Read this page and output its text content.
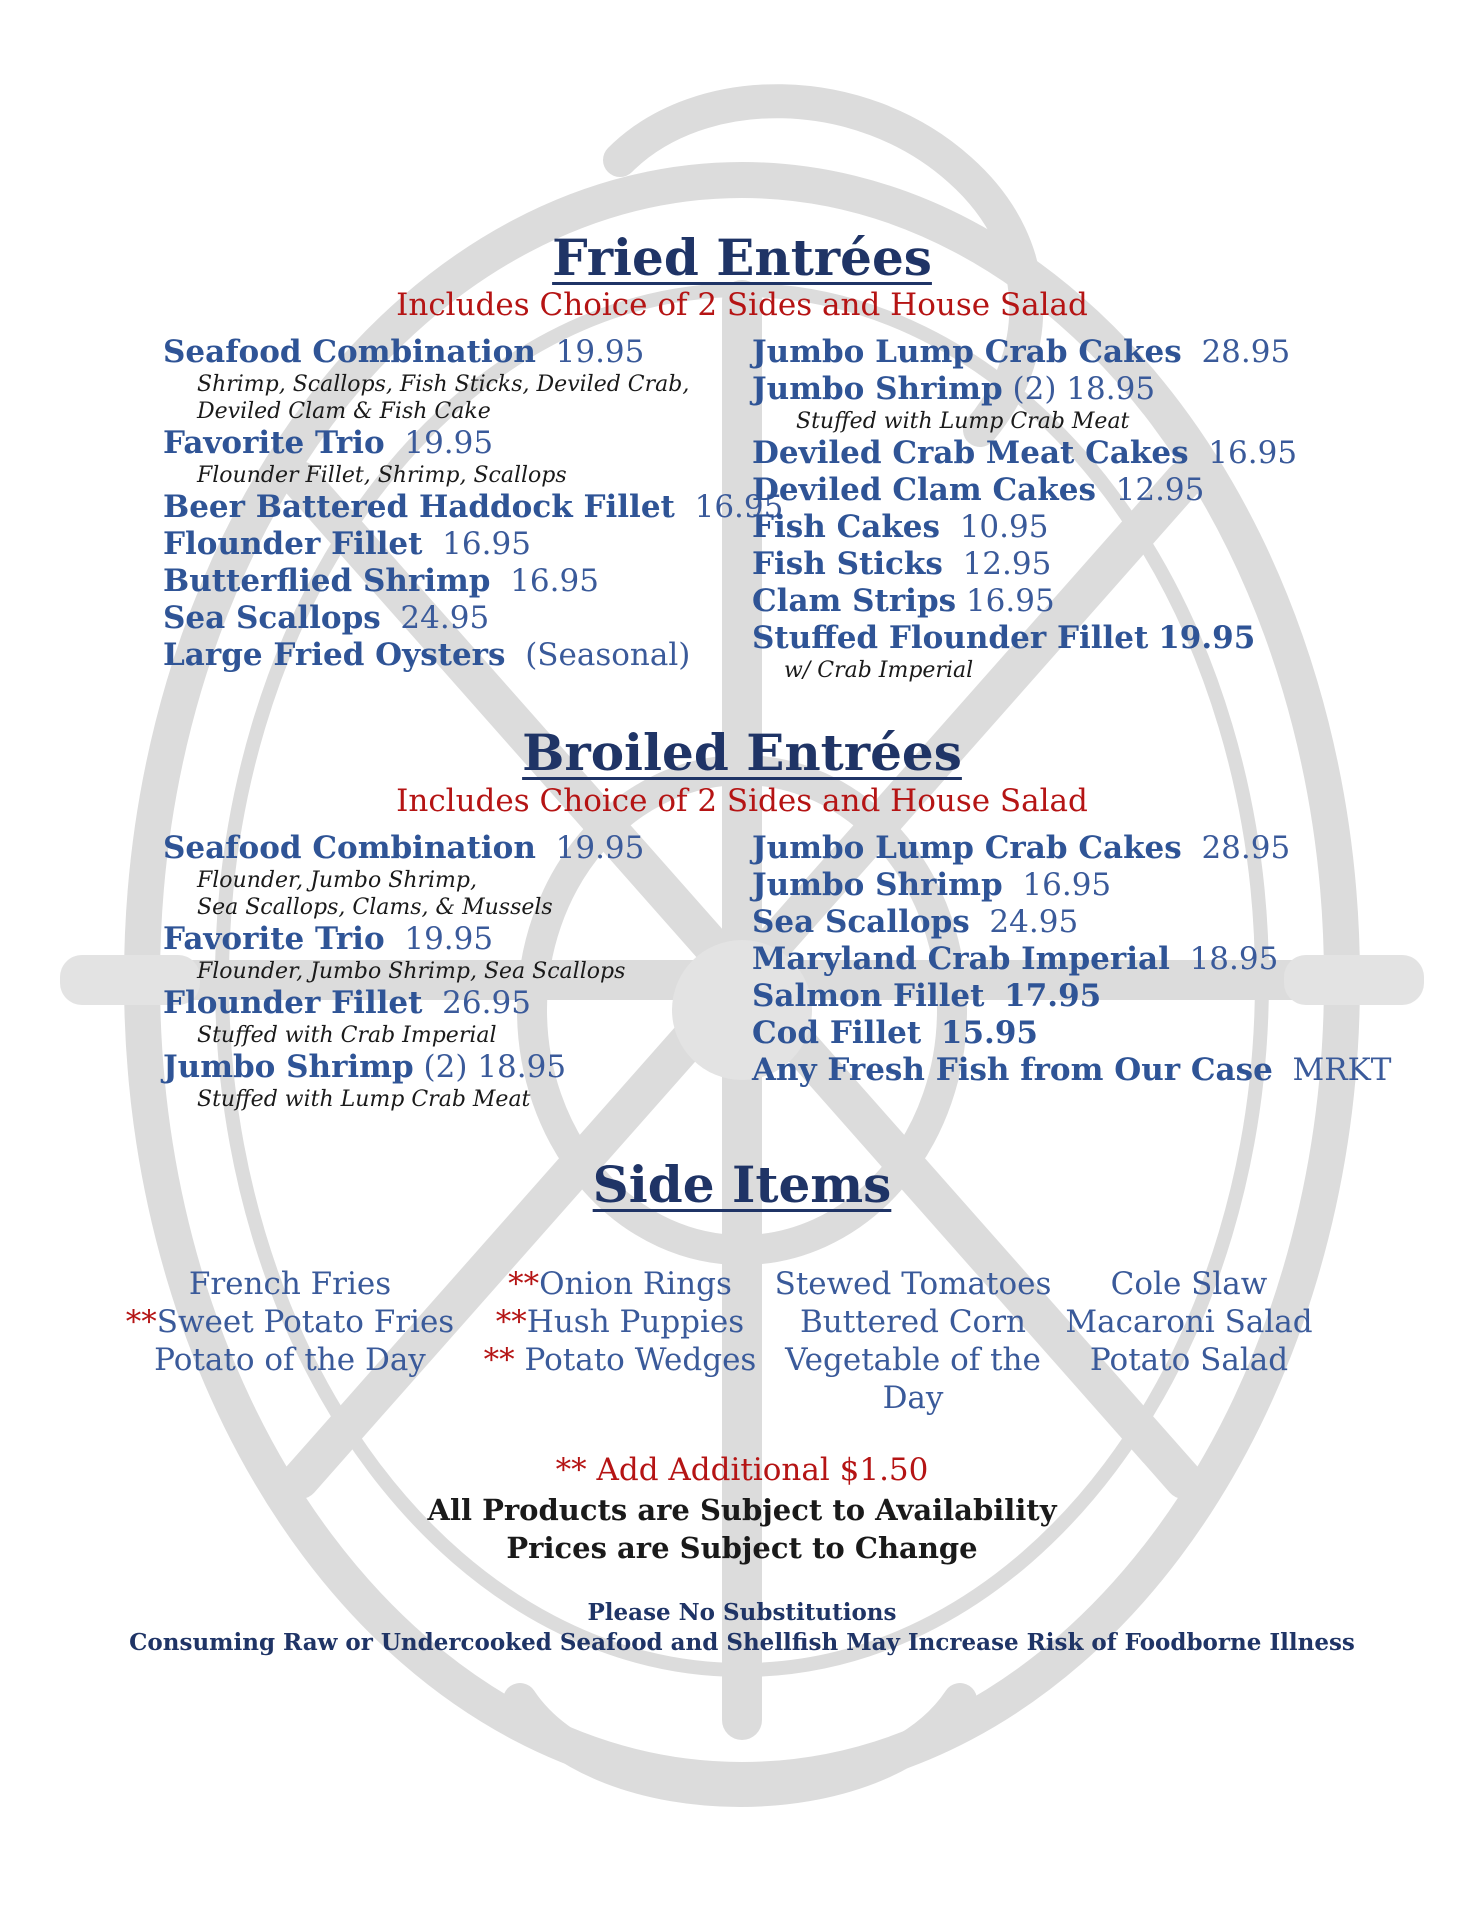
Fried Entrées
Includes Choice of 2 Sides and House Salad
Seafood Combination 19.95
Shrimp, Scallops, Fish Sticks, Deviled Crab,
Deviled Clam & Fish Cake
Favorite Trio 19.95
Flounder Fillet, Shrimp, Scallops
Beer Battered Haddock Fillet 16.95
Flounder Fillet 16.95
Butterflied Shrimp 16.95
Sea Scallops 24.95
Large Fried Oysters (Seasonal)
Jumbo Lump Crab Cakes 28.95
Jumbo Shrimp (2) 18.95
Stuffed with Lump Crab Meat
Deviled Crab Meat Cakes 16.95
Deviled Clam Cakes 12.95
Fish Cakes 10.95
Fish Sticks 12.95
Clam Strips 16.95
Stuffed Flounder Fillet 19.95
w/ Crab Imperial
Broiled Entrées
Includes Choice of 2 Sides and House Salad
Seafood Combination 19.95
Flounder, Jumbo Shrimp,
Sea Scallops, Clams, & Mussels
Favorite Trio 19.95
Flounder, Jumbo Shrimp, Sea Scallops
Flounder Fillet 26.95
Stuffed with Crab Imperial
Jumbo Shrimp (2) 18.95
Stuffed with Lump Crab Meat
Jumbo Lump Crab Cakes 28.95
Jumbo Shrimp 16.95
Sea Scallops 24.95
Maryland Crab Imperial 18.95
Salmon Fillet 17.95
Cod Fillet 15.95
Any Fresh Fish from Our Case MRKT
Side Items
French Fries
**Sweet Potato Fries
Potato of the Day
**Onion Rings
**Hush Puppies
** Potato Wedges
Stewed Tomatoes
Buttered Corn
Vegetable of the
Day
Cole Slaw
Macaroni Salad
Potato Salad
** Add Additional $1.50
All Products are Subject to Availability
Prices are Subject to Change
Please No Substitutions
Consuming Raw or Undercooked Seafood and Shellfish May Increase Risk of Foodborne Illness
